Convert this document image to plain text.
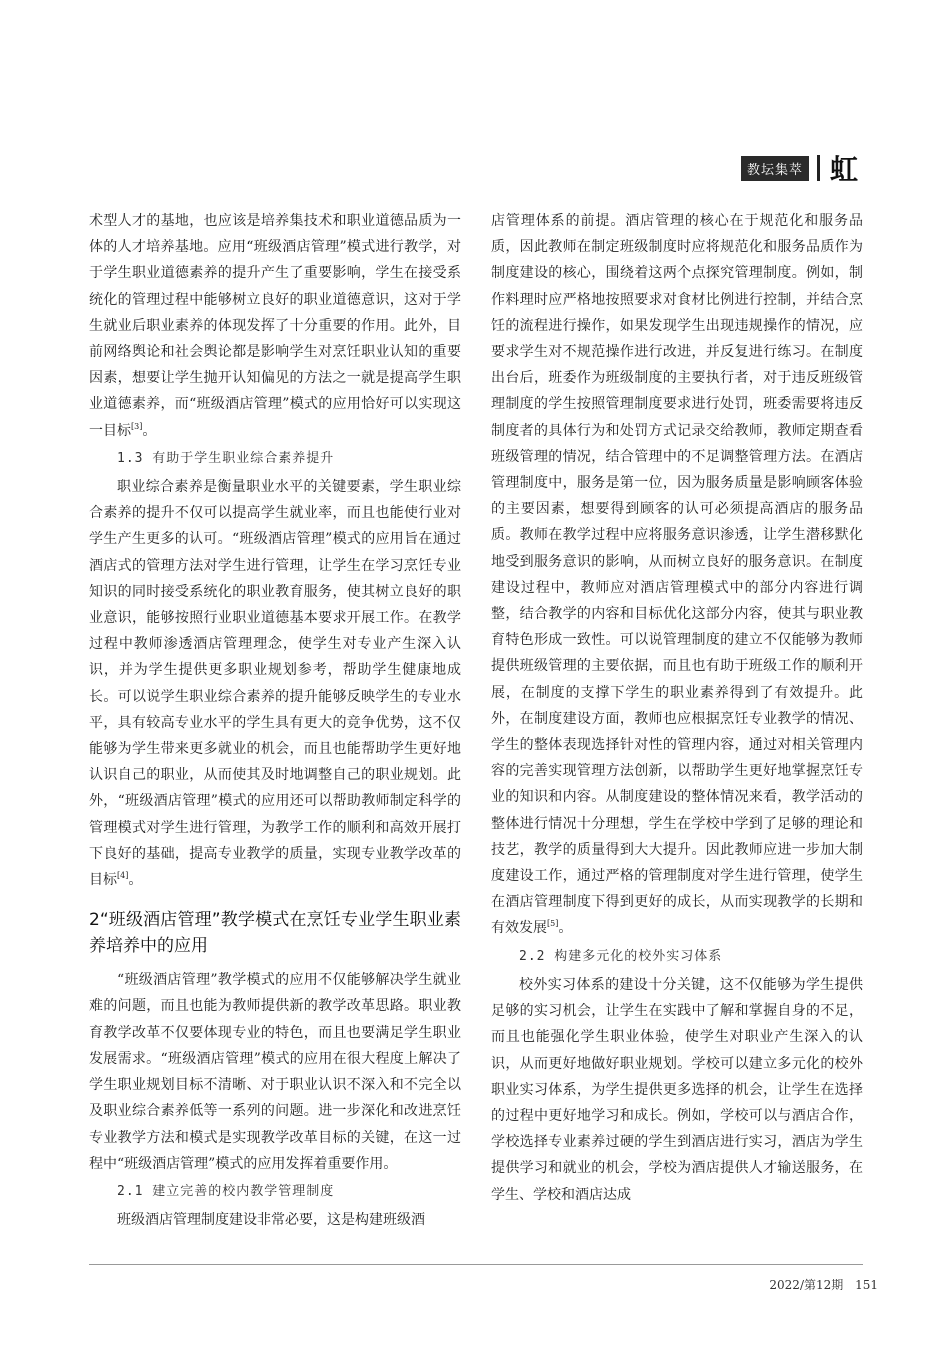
教坛集萃 虹

术型人才的基地，也应该是培养集技术和职业道德品质为一体的人才培养基地。应用“班级酒店管理”模式进行教学，对于学生职业道德素养的提升产生了重要影响，学生在接受系统化的管理过程中能够树立良好的职业道德意识，这对于学生就业后职业素养的体现发挥了十分重要的作用。此外，目前网络舆论和社会舆论都是影响学生对烹饪职业认知的重要因素，想要让学生抛开认知偏见的方法之一就是提高学生职业道德素养，而“班级酒店管理”模式的应用恰好可以实现这一目标[3]。

1.3 有助于学生职业综合素养提升

职业综合素养是衡量职业水平的关键要素，学生职业综合素养的提升不仅可以提高学生就业率，而且也能使行业对学生产生更多的认可。“班级酒店管理”模式的应用旨在通过酒店式的管理方法对学生进行管理，让学生在学习烹饪专业知识的同时接受系统化的职业教育服务，使其树立良好的职业意识，能够按照行业职业道德基本要求开展工作。在教学过程中教师渗透酒店管理理念，使学生对专业产生深入认识，并为学生提供更多职业规划参考，帮助学生健康地成长。可以说学生职业综合素养的提升能够反映学生的专业水平，具有较高专业水平的学生具有更大的竞争优势，这不仅能够为学生带来更多就业的机会，而且也能帮助学生更好地认识自己的职业，从而使其及时地调整自己的职业规划。此外，“班级酒店管理”模式的应用还可以帮助教师制定科学的管理模式对学生进行管理，为教学工作的顺利和高效开展打下良好的基础，提高专业教学的质量，实现专业教学改革的目标[4]。

2“班级酒店管理”教学模式在烹饪专业学生职业素养培养中的应用

“班级酒店管理”教学模式的应用不仅能够解决学生就业难的问题，而且也能为教师提供新的教学改革思路。职业教育教学改革不仅要体现专业的特色，而且也要满足学生职业发展需求。“班级酒店管理”模式的应用在很大程度上解决了学生职业规划目标不清晰、对于职业认识不深入和不完全以及职业综合素养低等一系列的问题。进一步深化和改进烹饪专业教学方法和模式是实现教学改革目标的关键，在这一过程中“班级酒店管理”模式的应用发挥着重要作用。

2.1 建立完善的校内教学管理制度

班级酒店管理制度建设非常必要，这是构建班级酒

店管理体系的前提。酒店管理的核心在于规范化和服务品质，因此教师在制定班级制度时应将规范化和服务品质作为制度建设的核心，围绕着这两个点探究管理制度。例如，制作料理时应严格地按照要求对食材比例进行控制，并结合烹饪的流程进行操作，如果发现学生出现违规操作的情况，应要求学生对不规范操作进行改进，并反复进行练习。在制度出台后，班委作为班级制度的主要执行者，对于违反班级管理制度的学生按照管理制度要求进行处罚，班委需要将违反制度者的具体行为和处罚方式记录交给教师，教师定期查看班级管理的情况，结合管理中的不足调整管理方法。在酒店管理制度中，服务是第一位，因为服务质量是影响顾客体验的主要因素，想要得到顾客的认可必须提高酒店的服务品质。教师在教学过程中应将服务意识渗透，让学生潜移默化地受到服务意识的影响，从而树立良好的服务意识。在制度建设过程中，教师应对酒店管理模式中的部分内容进行调整，结合教学的内容和目标优化这部分内容，使其与职业教育特色形成一致性。可以说管理制度的建立不仅能够为教师提供班级管理的主要依据，而且也有助于班级工作的顺利开展，在制度的支撑下学生的职业素养得到了有效提升。此外，在制度建设方面，教师也应根据烹饪专业教学的情况、学生的整体表现选择针对性的管理内容，通过对相关管理内容的完善实现管理方法创新，以帮助学生更好地掌握烹饪专业的知识和内容。从制度建设的整体情况来看，教学活动的整体进行情况十分理想，学生在学校中学到了足够的理论和技艺，教学的质量得到大大提升。因此教师应进一步加大制度建设工作，通过严格的管理制度对学生进行管理，使学生在酒店管理制度下得到更好的成长，从而实现教学的长期和有效发展[5]。

2.2 构建多元化的校外实习体系

校外实习体系的建设十分关键，这不仅能够为学生提供足够的实习机会，让学生在实践中了解和掌握自身的不足，而且也能强化学生职业体验，使学生对职业产生深入的认识，从而更好地做好职业规划。学校可以建立多元化的校外职业实习体系，为学生提供更多选择的机会，让学生在选择的过程中更好地学习和成长。例如，学校可以与酒店合作，学校选择专业素养过硬的学生到酒店进行实习，酒店为学生提供学习和就业的机会，学校为酒店提供人才输送服务，在学生、学校和酒店达成

2022/第12期 151
